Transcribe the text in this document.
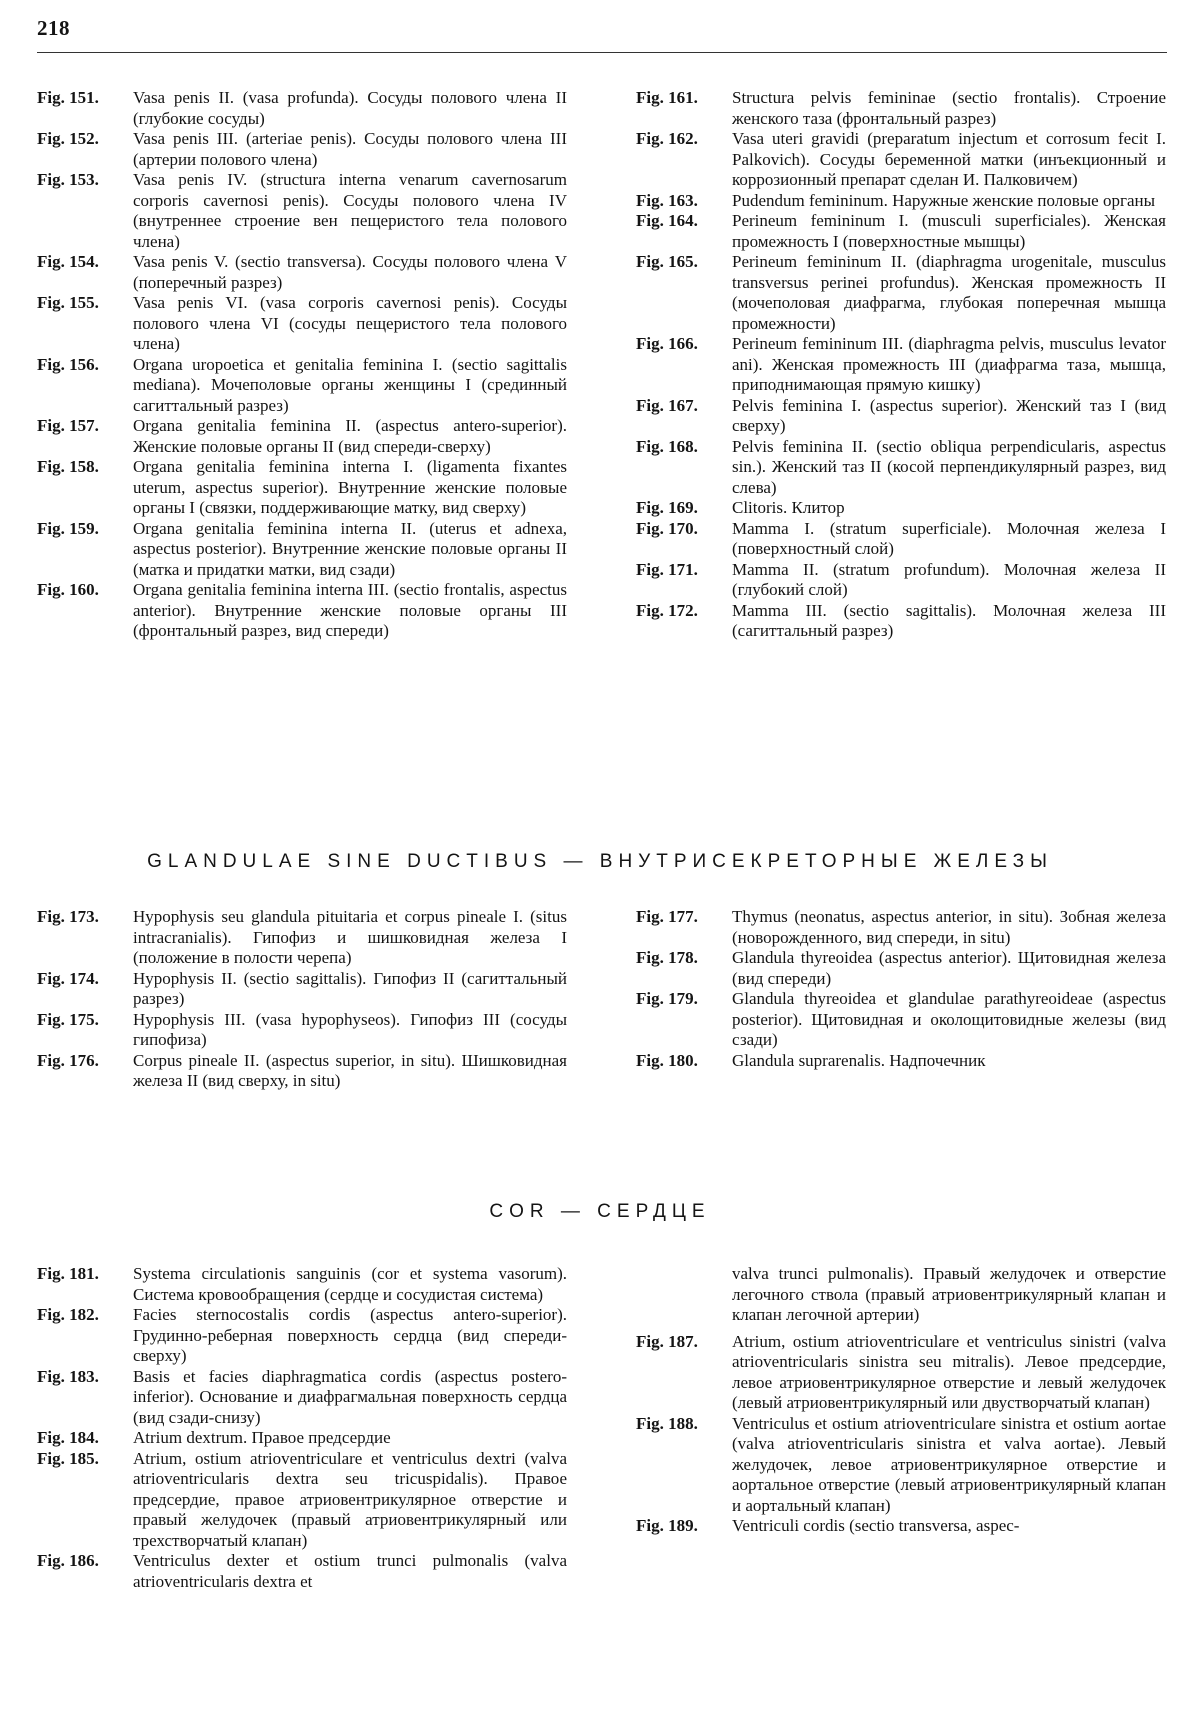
218
Fig. 151.	Vasa penis II. (vasa profunda). Сосуды полового члена II (глубокие сосуды)
Fig. 152.	Vasa penis III. (arteriae penis). Сосуды полового члена III (артерии полового члена)
Fig. 153.	Vasa penis IV. (structura interna venarum cavernosarum corporis cavernosi penis). Сосуды полового члена IV (внутреннее строение вен пещеристого тела полового члена)
Fig. 154.	Vasa penis V. (sectio transversa). Сосуды полового члена V (поперечный разрез)
Fig. 155.	Vasa penis VI. (vasa corporis cavernosi penis). Сосуды полового члена VI (сосуды пещеристого тела полового члена)
Fig. 156.	Organa uropoetica et genitalia feminina I. (sectio sagittalis mediana). Мочеполовые органы женщины I (срединный сагиттальный разрез)
Fig. 157.	Organa genitalia feminina II. (aspectus antero-superior). Женские половые органы II (вид спереди-сверху)
Fig. 158.	Organa genitalia feminina interna I. (ligamenta fixantes uterum, aspectus superior). Внутренние женские половые органы I (связки, поддерживающие матку, вид сверху)
Fig. 159.	Organa genitalia feminina interna II. (uterus et adnexa, aspectus posterior). Внутренние женские половые органы II (матка и придатки матки, вид сзади)
Fig. 160.	Organa genitalia feminina interna III. (sectio frontalis, aspectus anterior). Внутренние женские половые органы III (фронтальный разрез, вид спереди)
Fig. 161.	Structura pelvis femininae (sectio frontalis). Строение женского таза (фронтальный разрез)
Fig. 162.	Vasa uteri gravidi (preparatum injectum et corrosum fecit I. Palkovich). Сосуды беременной матки (инъекционный и коррозионный препарат сделан И. Палковичем)
Fig. 163.	Pudendum femininum. Наружные женские половые органы
Fig. 164.	Perineum femininum I. (musculi superficiales). Женская промежность I (поверхностные мышцы)
Fig. 165.	Perineum femininum II. (diaphragma urogenitale, musculus transversus perinei profundus). Женская промежность II (мочеполовая диафрагма, глубокая поперечная мышца промежности)
Fig. 166.	Perineum femininum III. (diaphragma pelvis, musculus levator ani). Женская промежность III (диафрагма таза, мышца, приподнимающая прямую кишку)
Fig. 167.	Pelvis feminina I. (aspectus superior). Женский таз I (вид сверху)
Fig. 168.	Pelvis feminina II. (sectio obliqua perpendicularis, aspectus sin.). Женский таз II (косой перпендикулярный разрез, вид слева)
Fig. 169.	Clitoris. Клитор
Fig. 170.	Mamma I. (stratum superficiale). Молочная железа I (поверхностный слой)
Fig. 171.	Mamma II. (stratum profundum). Молочная железа II (глубокий слой)
Fig. 172.	Mamma III. (sectio sagittalis). Молочная железа III (сагиттальный разрез)
GLANDULAE SINE DUCTIBUS — ВНУТРИСЕКРЕТОРНЫЕ ЖЕЛЕЗЫ
Fig. 173.	Hypophysis seu glandula pituitaria et corpus pineale I. (situs intracranialis). Гипофиз и шишковидная железа I (положение в полости черепа)
Fig. 174.	Hypophysis II. (sectio sagittalis). Гипофиз II (сагиттальный разрез)
Fig. 175.	Hypophysis III. (vasa hypophyseos). Гипофиз III (сосуды гипофиза)
Fig. 176.	Corpus pineale II. (aspectus superior, in situ). Шишковидная железа II (вид сверху, in situ)
Fig. 177.	Thymus (neonatus, aspectus anterior, in situ). Зобная железа (новорожденного, вид спереди, in situ)
Fig. 178.	Glandula thyreoidea (aspectus anterior). Щитовидная железа (вид спереди)
Fig. 179.	Glandula thyreoidea et glandulae parathyreoideae (aspectus posterior). Щитовидная и околощитовидные железы (вид сзади)
Fig. 180.	Glandula suprarenalis. Надпочечник
COR — СЕРДЦЕ
Fig. 181.	Systema circulationis sanguinis (cor et systema vasorum). Система кровообращения (сердце и сосудистая система)
Fig. 182.	Facies sternocostalis cordis (aspectus antero-superior). Грудинно-реберная поверхность сердца (вид спереди-сверху)
Fig. 183.	Basis et facies diaphragmatica cordis (aspectus postero-inferior). Основание и диафрагмальная поверхность сердца (вид сзади-снизу)
Fig. 184.	Atrium dextrum. Правое предсердие
Fig. 185.	Atrium, ostium atrioventriculare et ventriculus dextri (valva atrioventricularis dextra seu tricuspidalis). Правое предсердие, правое атриовентрикулярное отверстие и правый желудочек (правый атриовентрикулярный или трехстворчатый клапан)
Fig. 186.	Ventriculus dexter et ostium trunci pulmonalis (valva atrioventricularis dextra et
valva trunci pulmonalis). Правый желудочек и отверстие легочного ствола (правый атриовентрикулярный клапан и клапан легочной артерии)
Fig. 187.	Atrium, ostium atrioventriculare et ventriculus sinistri (valva atrioventricularis sinistra seu mitralis). Левое предсердие, левое атриовентрикулярное отверстие и левый желудочек (левый атриовентрикулярный или двустворчатый клапан)
Fig. 188.	Ventriculus et ostium atrioventriculare sinistra et ostium aortae (valva atrioventricularis sinistra et valva aortae). Левый желудочек, левое атриовентрикулярное отверстие и аортальное отверстие (левый атриовентрикулярный клапан и аортальный клапан)
Fig. 189.	Ventriculi cordis (sectio transversa, aspec-
